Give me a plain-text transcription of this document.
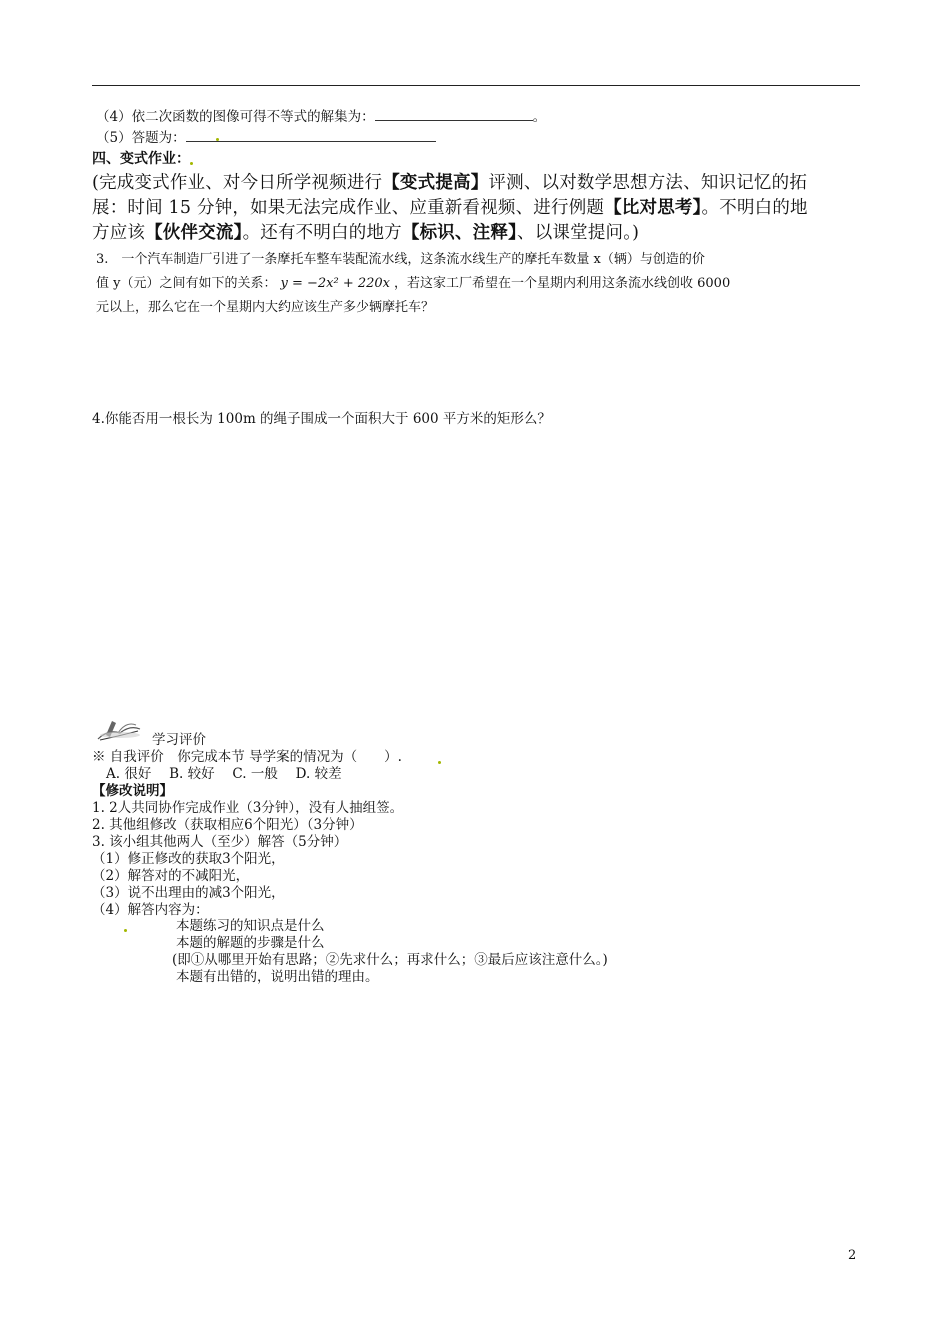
（4）依二次函数的图像可得不等式的解集为：	。
（5）答题为：
四、变式作业：
(完成变式作业、对今日所学视频进行【变式提高】评测、以对数学思想方法、知识记忆的拓
展：时间 15 分钟，如果无法完成作业、应重新看视频、进行例题【比对思考】。不明白的地
方应该【伙伴交流】。还有不明白的地方【标识、注释】、以课堂提问。)
3.　一个汽车制造厂引进了一条摩托车整车装配流水线，这条流水线生产的摩托车数量 x（辆）与创造的价
值 y（元）之间有如下的关系： y = −2x² + 220x ，若这家工厂希望在一个星期内利用这条流水线创收 6000
元以上，那么它在一个星期内大约应该生产多少辆摩托车？
4.你能否用一根长为 100m 的绳子围成一个面积大于 600 平方米的矩形么？
学习评价
※ 自我评价　你完成本节 导学案的情况为（　　）.
A. 很好　 B. 较好　 C. 一般　 D. 较差
【修改说明】
1. 2人共同协作完成作业（3分钟），没有人抽组签。
2. 其他组修改（获取相应6个阳光）（3分钟）
3. 该小组其他两人（至少）解答（5分钟）
（1）修正修改的获取3个阳光，
（2）解答对的不减阳光，
（3）说不出理由的减3个阳光，
（4）解答内容为：
本题练习的知识点是什么
本题的解题的步骤是什么
(即①从哪里开始有思路；②先求什么；再求什么；③最后应该注意什么。)
本题有出错的，说明出错的理由。
2
